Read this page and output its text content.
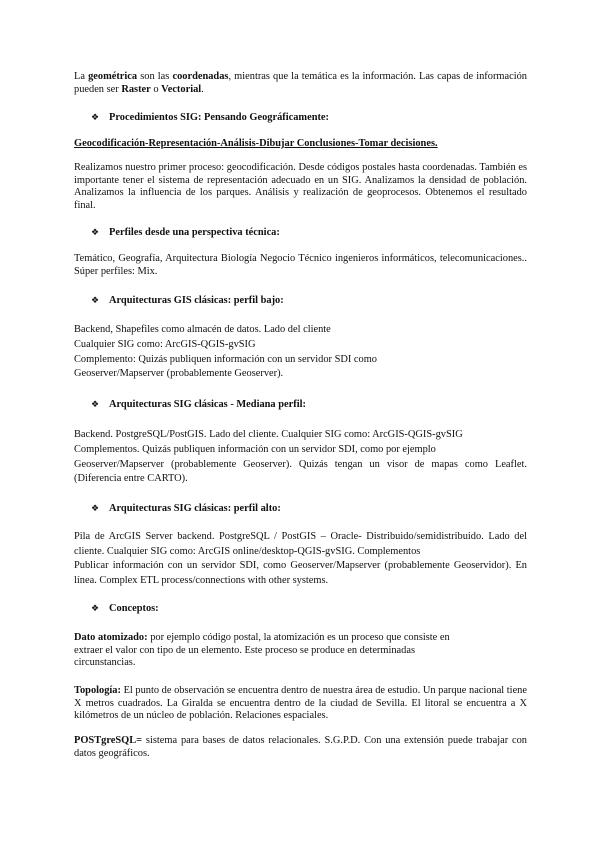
La geométrica son las coordenadas, mientras que la temática es la información. Las capas de información pueden ser Raster o Vectorial.

❖ Procedimientos SIG: Pensando Geográficamente:
Geocodificación-Representación-Análisis-Dibujar Conclusiones-Tomar decisiones.

Realizamos nuestro primer proceso: geocodificación. Desde códigos postales hasta coordenadas. También es importante tener el sistema de representación adecuado en un SIG. Analizamos la densidad de población. Analizamos la influencia de los parques. Análisis y realización de geoprocesos. Obtenemos el resultado final.

❖ Perfiles desde una perspectiva técnica:

Temático, Geografía, Arquitectura Biología Negocio Técnico ingenieros informáticos, telecomunicaciones.. Súper perfiles: Mix.

❖ Arquitecturas GIS clásicas: perfil bajo:
Backend, Shapefiles como almacén de datos. Lado del cliente
Cualquier SIG como: ArcGIS-QGIS-gvSIG
Complemento: Quizás publiquen información con un servidor SDI como
Geoserver/Mapserver (probablemente Geoserver).
❖ Arquitecturas SIG clásicas - Mediana perfil:
Backend. PostgreSQL/PostGIS. Lado del cliente. Cualquier SIG como: ArcGIS-QGIS-gvSIG
Complementos. Quizás publiquen información con un servidor SDI, como por ejemplo
Geoserver/Mapserver (probablemente Geoserver). Quizás tengan un visor de mapas como Leaflet. (Diferencia entre CARTO).
❖ Arquitecturas SIG clásicas: perfil alto:
Pila de ArcGIS Server backend. PostgreSQL / PostGIS – Oracle- Distribuido/semidistribuido. Lado del cliente. Cualquier SIG como: ArcGIS online/desktop-QGIS-gvSIG. Complementos
Publicar información con un servidor SDI, como Geoserver/Mapserver (probablemente Geoservidor). En línea. Complex ETL process/connections with other systems.
❖ Conceptos:
Dato atomizado: por ejemplo código postal, la atomización es un proceso que consiste en
extraer el valor con tipo de un elemento. Este proceso se produce en determinadas
circunstancias.

Topología: El punto de observación se encuentra dentro de nuestra área de estudio. Un parque nacional tiene X metros cuadrados. La Giralda se encuentra dentro de la ciudad de Sevilla. El litoral se encuentra a X kilómetros de un núcleo de población. Relaciones espaciales.

POSTgreSQL= sistema para bases de datos relacionales. S.G.P.D. Con una extensión puede trabajar con datos geográficos.
